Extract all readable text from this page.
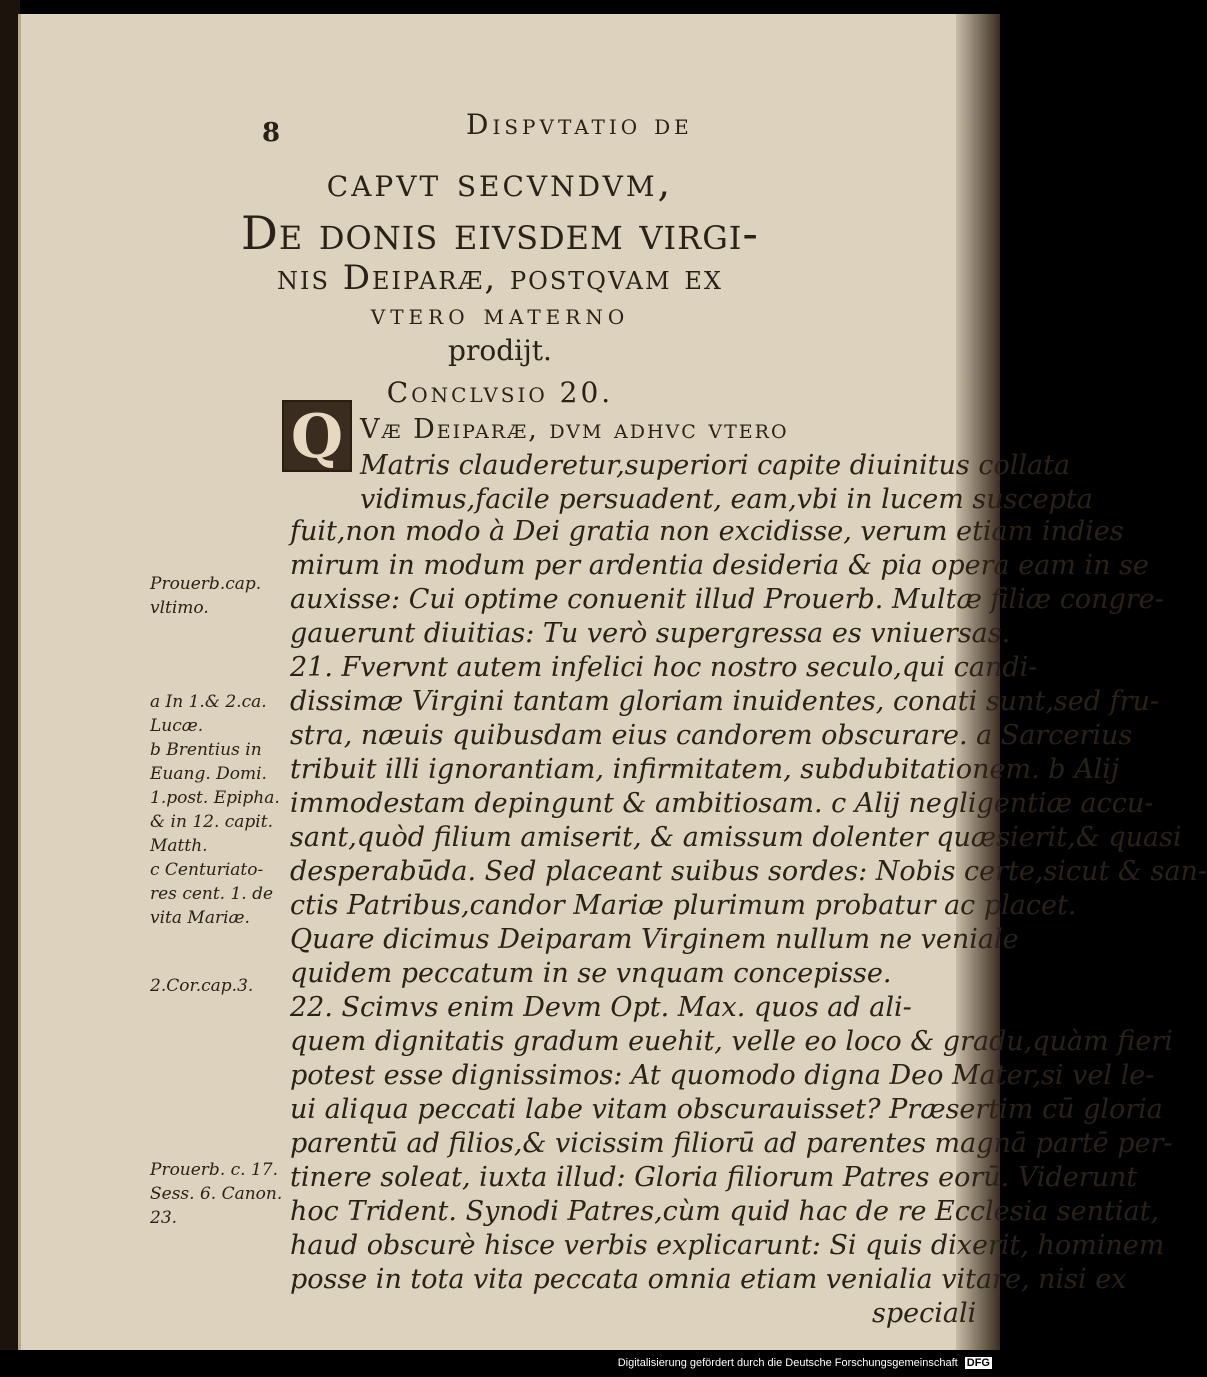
8	Dispvtatio de
capvt secvndvm,
De donis eivsdem virgi-
nis Deiparæ, postqvam ex
vtero materno
prodijt.
Conclvsio 20.
Q Væ Deiparæ, dvm adhvc vtero
Matris clauderetur,superiori capite diuinitus collata
vidimus,facile persuadent, eam,vbi in lucem suscepta
fuit,non modo à Dei gratia non excidisse, verum etiam indies
mirum in modum per ardentia desideria & pia opera eam in se
auxisse: Cui optime conuenit illud Prouerb. Multæ filiæ congre-
gauerunt diuitias: Tu verò supergressa es vniuersas.
21. Fvervnt autem infelici hoc nostro seculo,qui candi-
dissimæ Virgini tantam gloriam inuidentes, conati sunt,sed fru-
stra, næuis quibusdam eius candorem obscurare. a Sarcerius
tribuit illi ignorantiam, infirmitatem, subdubitationem. b Alij
immodestam depingunt & ambitiosam. c Alij negligentiæ accu-
sant,quòd filium amiserit, & amissum dolenter quæsierit,& quasi
desperabūda. Sed placeant suibus sordes: Nobis certe,sicut & san-
ctis Patribus,candor Mariæ plurimum probatur ac placet.
Quare dicimus Deiparam Virginem nullum ne veniale
quidem peccatum in se vnquam concepisse.
22. Scimvs enim Devm Opt. Max. quos ad ali-
quem dignitatis gradum euehit, velle eo loco & gradu,quàm fieri
potest esse dignissimos: At quomodo digna Deo Mater,si vel le-
ui aliqua peccati labe vitam obscurauisset? Præsertim cū gloria
parentū ad filios,& vicissim filiorū ad parentes magnā partē per-
tinere soleat, iuxta illud: Gloria filiorum Patres eorū. Viderunt
hoc Trident. Synodi Patres,cùm quid hac de re Ecclesia sentiat,
haud obscurè hisce verbis explicarunt: Si quis dixerit, hominem
posse in tota vita peccata omnia etiam venialia vitare, nisi ex
speciali
Prouerb.cap.
vltimo.
a In 1.& 2.ca.
Lucæ.
b Brentius in
Euang. Domi.
1.post. Epipha.
& in 12. capit.
Matth.
c Centuriato-
res cent. 1. de
vita Mariæ.
2.Cor.cap.3.
Prouerb. c. 17.
Sess. 6. Canon.
23.
Digitalisierung gefördert durch die Deutsche Forschungsgemeinschaft DFG
